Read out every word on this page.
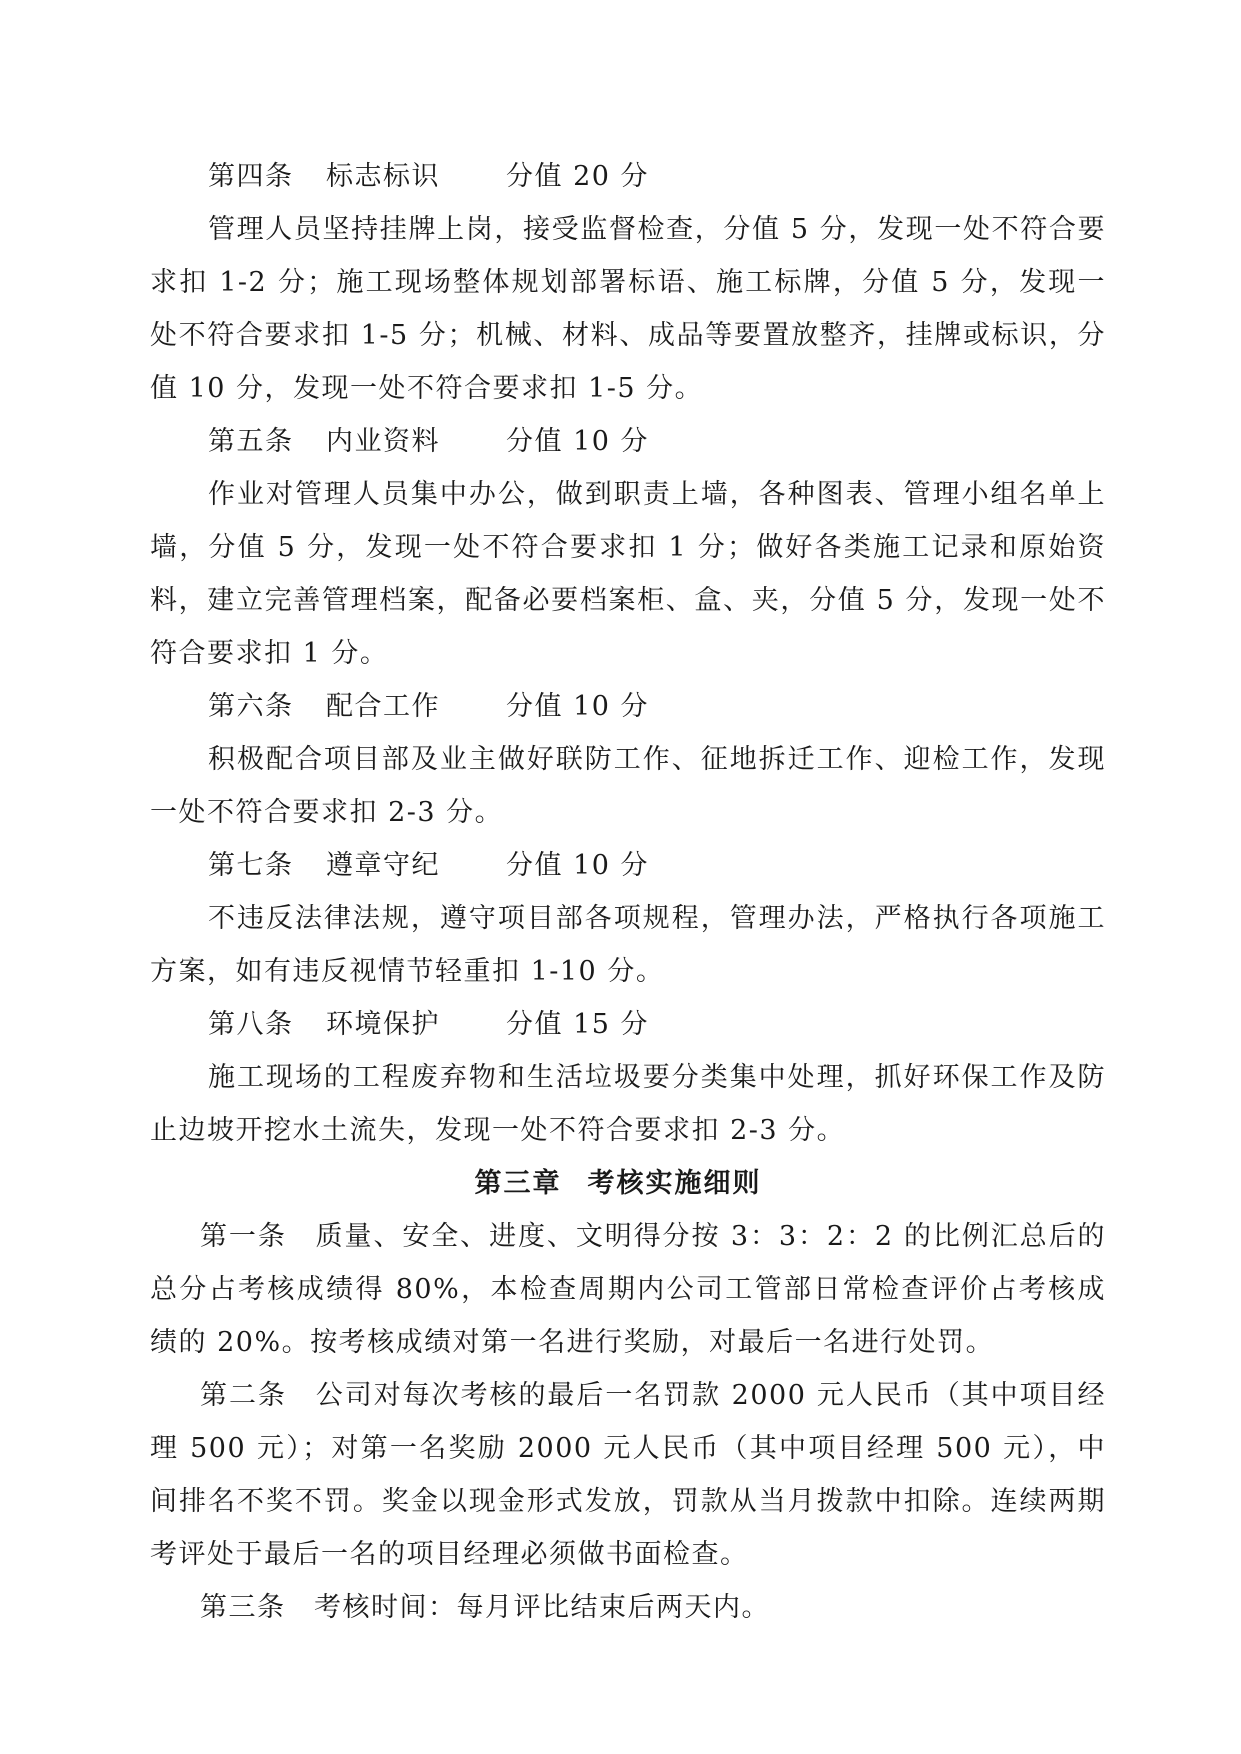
第四条 标志标识 分值 20 分

管理人员坚持挂牌上岗，接受监督检查，分值 5 分，发现一处不符合要求扣 1-2 分；施工现场整体规划部署标语、施工标牌，分值 5 分，发现一处不符合要求扣 1-5 分；机械、材料、成品等要置放整齐，挂牌或标识，分值 10 分，发现一处不符合要求扣 1-5 分。

第五条 内业资料 分值 10 分

作业对管理人员集中办公，做到职责上墙，各种图表、管理小组名单上墙，分值 5 分，发现一处不符合要求扣 1 分；做好各类施工记录和原始资料，建立完善管理档案，配备必要档案柜、盒、夹，分值 5 分，发现一处不符合要求扣 1 分。

第六条 配合工作 分值 10 分

积极配合项目部及业主做好联防工作、征地拆迁工作、迎检工作，发现一处不符合要求扣 2-3 分。

第七条 遵章守纪 分值 10 分

不违反法律法规，遵守项目部各项规程，管理办法，严格执行各项施工方案，如有违反视情节轻重扣 1-10 分。

第八条 环境保护 分值 15 分

施工现场的工程废弃物和生活垃圾要分类集中处理，抓好环保工作及防止边坡开挖水土流失，发现一处不符合要求扣 2-3 分。

第三章 考核实施细则

第一条　质量、安全、进度、文明得分按 3：3：2：2 的比例汇总后的总分占考核成绩得 80%，本检查周期内公司工管部日常检查评价占考核成绩的 20%。按考核成绩对第一名进行奖励，对最后一名进行处罚。

第二条　公司对每次考核的最后一名罚款 2000 元人民币（其中项目经理 500 元）；对第一名奖励 2000 元人民币（其中项目经理 500 元），中间排名不奖不罚。奖金以现金形式发放，罚款从当月拨款中扣除。连续两期考评处于最后一名的项目经理必须做书面检查。

第三条　考核时间：每月评比结束后两天内。
